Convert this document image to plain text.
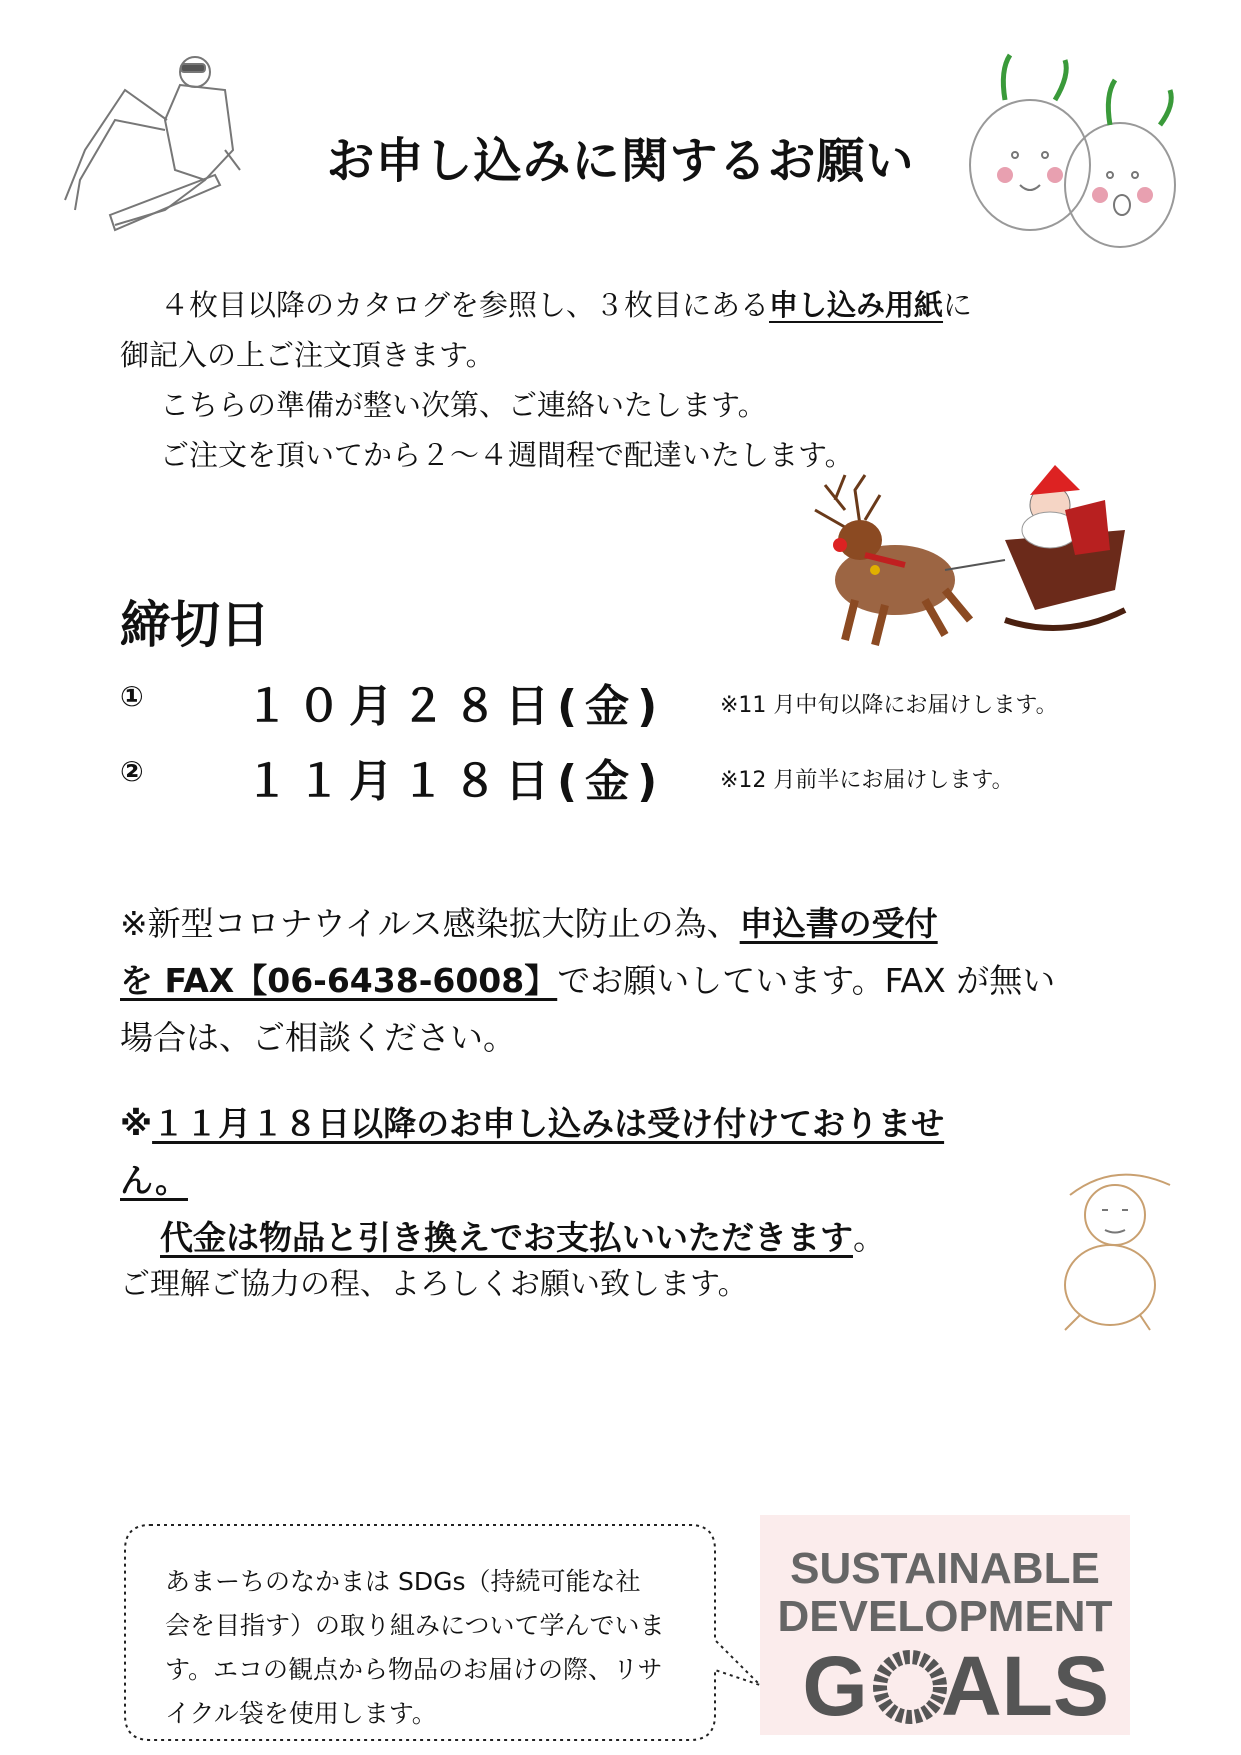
お申し込みに関するお願い

４枚目以降のカタログを参照し、３枚目にある申し込み用紙に

御記入の上ご注文頂きます。

こちらの準備が整い次第、ご連絡いたします。

ご注文を頂いてから２～４週間程で配達いたします。

締切日
① １０月２８日(金) ※11 月中旬以降にお届けします。
② １１月１８日(金) ※12 月前半にお届けします。

※新型コロナウイルス感染拡大防止の為、申込書の受付

を FAX【06-6438-6008】でお願いしています。FAX が無い

場合は、ご相談ください。

※１１月１８日以降のお申し込みは受け付けておりませ

ん。

代金は物品と引き換えでお支払いいただきます。

ご理解ご協力の程、よろしくお願い致します。
あまーちのなかまは SDGs（持続可能な社会を目指す）の取り組みについて学んでいます。エコの観点から物品のお届けの際、リサイクル袋を使用します。
SUSTAINABLE
DEVELOPMENT
G ALS
